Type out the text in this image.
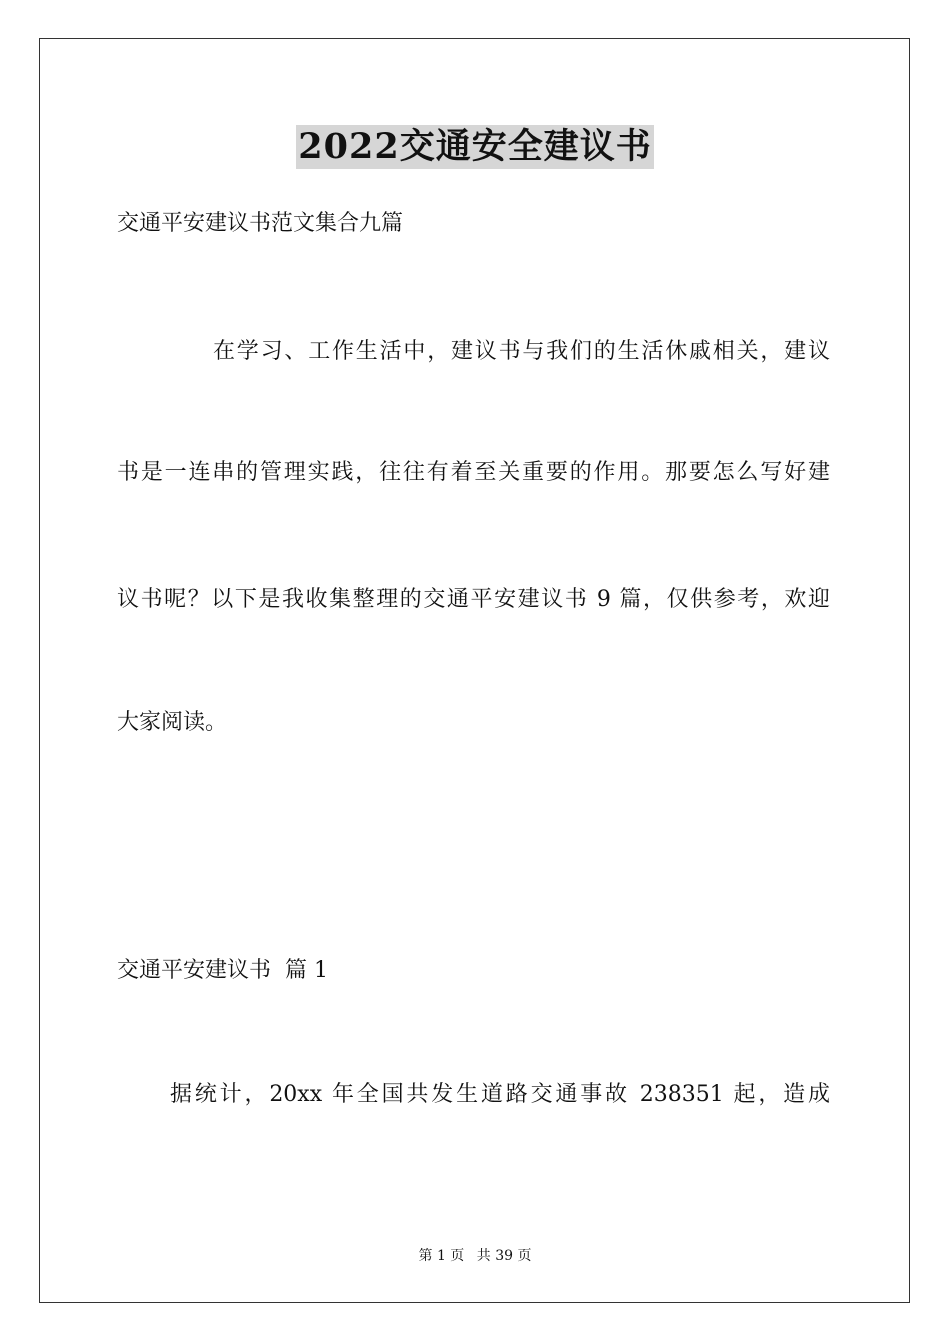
2022交通安全建议书
交通平安建议书范文集合九篇
在学习、工作生活中，建议书与我们的生活休戚相关，建议
书是一连串的管理实践，往往有着至关重要的作用。那要怎么写好建
议书呢？以下是我收集整理的交通平安建议书 9 篇，仅供参考，欢迎
大家阅读。
交通平安建议书  篇 1
据统计，20xx 年全国共发生道路交通事故 238351 起，造成
第 1 页 共 39 页
